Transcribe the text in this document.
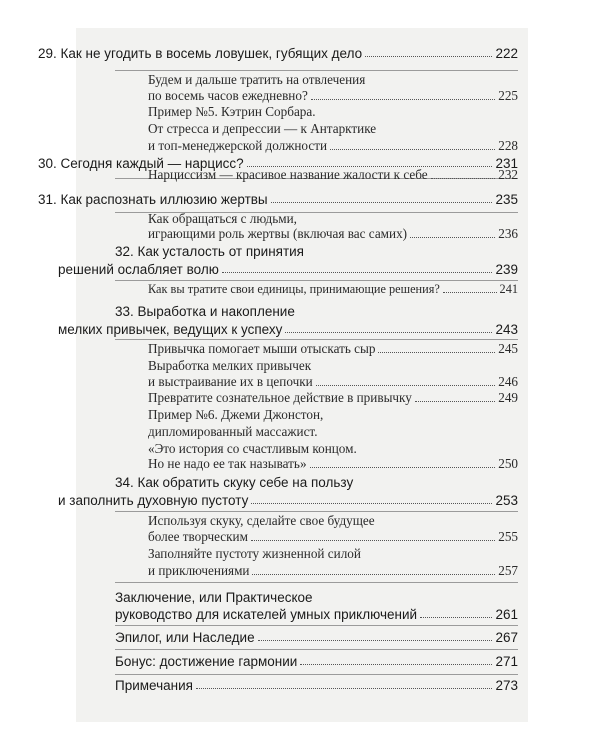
29. Как не угодить в восемь ловушек, губящих дело	222
Будем и дальше тратить на отвлечения
по восемь часов ежедневно?	225
Пример №5. Кэтрин Сорбара.
От стресса и депрессии — к Антарктике
и топ-менеджерской должности	228
30. Сегодня каждый — нарцисс?	231
Нарциссизм — красивое название жалости к себе	232
31. Как распознать иллюзию жертвы	235
Как обращаться с людьми,
играющими роль жертвы (включая вас самих)	236
32. Как усталость от принятия
решений ослабляет волю	239
Как вы тратите свои единицы, принимающие решения?	241
33. Выработка и накопление
мелких привычек, ведущих к успеху	243
Привычка помогает мыши отыскать сыр	245
Выработка мелких привычек
и выстраивание их в цепочки	246
Превратите сознательное действие в привычку	249
Пример №6. Джеми Джонстон,
дипломированный массажист.
«Это история со счастливым концом.
Но не надо ее так называть»	250
34. Как обратить скуку себе на пользу
и заполнить духовную пустоту	253
Используя скуку, сделайте свое будущее
более творческим	255
Заполняйте пустоту жизненной силой
и приключениями	257
Заключение, или Практическое
руководство для искателей умных приключений	261
Эпилог, или Наследие	267
Бонус: достижение гармонии	271
Примечания	273
